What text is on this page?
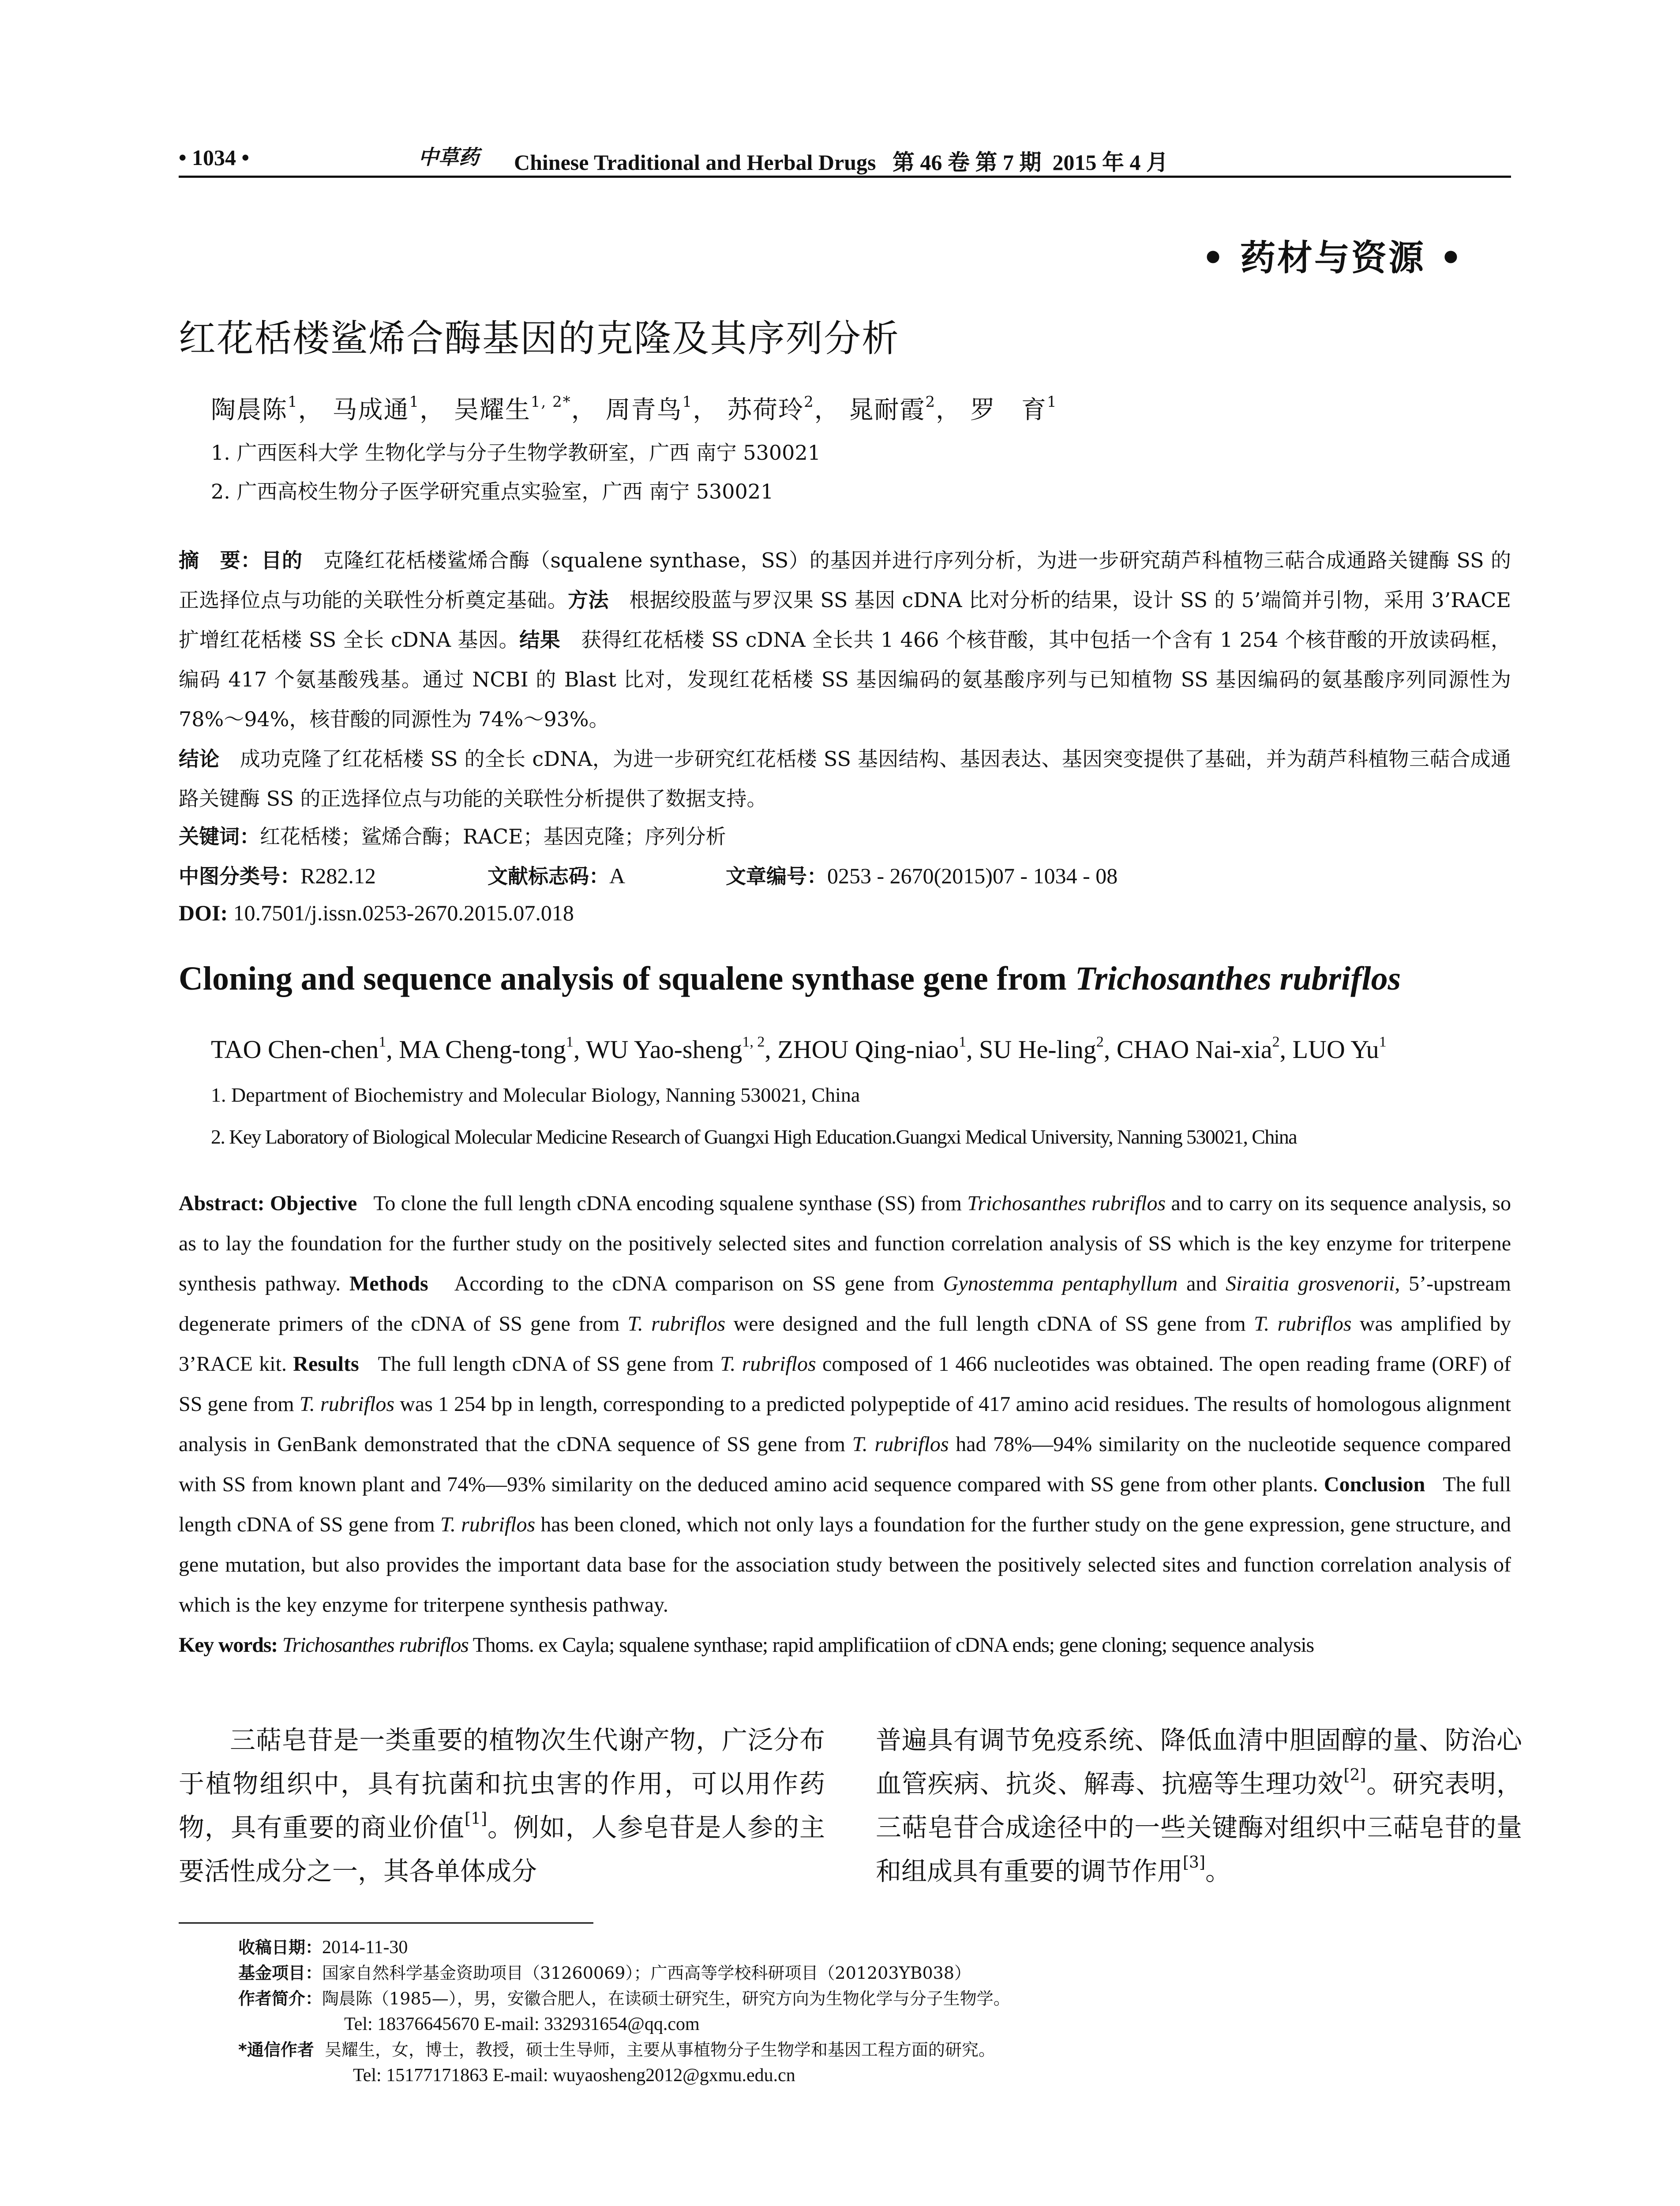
• 1034 •	中草药 Chinese Traditional and Herbal Drugs   第 46 卷 第 7 期  2015 年 4 月
• 药材与资源 •
红花栝楼鲨烯合酶基因的克隆及其序列分析
陶晨陈$^1$， 马成通$^1$， 吴耀生$^{1, 2*}$， 周青鸟$^1$， 苏荷玲$^2$， 晁耐霞$^2$， 罗　育$^1$
1. 广西医科大学 生物化学与分子生物学教研室，广西 南宁 530021
2. 广西高校生物分子医学研究重点实验室，广西 南宁 530021
摘　要：目的　 克隆红花栝楼鲨烯合酶（squalene synthase，SS）的基因并进行序列分析，为进一步研究葫芦科植物三萜合成通路关键酶 SS 的正选择位点与功能的关联性分析奠定基础。方法　 根据绞股蓝与罗汉果 SS 基因 cDNA 比对分析的结果，设计 SS 的 5’端简并引物，采用 3’RACE 扩增红花栝楼 SS 全长 cDNA 基因。结果　 获得红花栝楼 SS cDNA 全长共 1 466 个核苷酸，其中包括一个含有 1 254 个核苷酸的开放读码框，编码 417 个氨基酸残基。通过 NCBI 的 Blast 比对，发现红花栝楼 SS 基因编码的氨基酸序列与已知植物 SS 基因编码的氨基酸序列同源性为 78%～94%，核苷酸的同源性为 74%～93%。
结论　 成功克隆了红花栝楼 SS 的全长 cDNA，为进一步研究红花栝楼 SS 基因结构、基因表达、基因突变提供了基础，并为葫芦科植物三萜合成通路关键酶 SS 的正选择位点与功能的关联性分析提供了数据支持。
关键词：红花栝楼；鲨烯合酶；RACE；基因克隆；序列分析
中图分类号：R282.12	文献标志码：A	文章编号：0253 - 2670(2015)07 - 1034 - 08
DOI: 10.7501/j.issn.0253-2670.2015.07.018
Cloning and sequence analysis of squalene synthase gene from Trichosanthes rubriflos
TAO Chen-chen$^1$, MA Cheng-tong$^1$, WU Yao-sheng$^{1, 2}$, ZHOU Qing-niao$^1$, SU He-ling$^2$, CHAO Nai-xia$^2$, LUO Yu$^1$
1. Department of Biochemistry and Molecular Biology, Nanning 530021, China
2. Key Laboratory of Biological Molecular Medicine Research of Guangxi High Education.Guangxi Medical University, Nanning 530021, China
Abstract: Objective To clone the full length cDNA encoding squalene synthase (SS) from Trichosanthes rubriflos and to carry on its sequence analysis, so as to lay the foundation for the further study on the positively selected sites and function correlation analysis of SS which is the key enzyme for triterpene synthesis pathway. Methods According to the cDNA comparison on SS gene from Gynostemma pentaphyllum and Siraitia grosvenorii, 5’-upstream degenerate primers of the cDNA of SS gene from T. rubriflos were designed and the full length cDNA of SS gene from T. rubriflos was amplified by 3’RACE kit. Results The full length cDNA of SS gene from T. rubriflos composed of 1 466 nucleotides was obtained. The open reading frame (ORF) of SS gene from T. rubriflos was 1 254 bp in length, corresponding to a predicted polypeptide of 417 amino acid residues. The results of homologous alignment analysis in GenBank demonstrated that the cDNA sequence of SS gene from T. rubriflos had 78%—94% similarity on the nucleotide sequence compared with SS from known plant and 74%—93% similarity on the deduced amino acid sequence compared with SS gene from other plants. Conclusion The full length cDNA of SS gene from T. rubriflos has been cloned, which not only lays a foundation for the further study on the gene expression, gene structure, and gene mutation, but also provides the important data base for the association study between the positively selected sites and function correlation analysis of which is the key enzyme for triterpene synthesis pathway.
Key words: Trichosanthes rubriflos Thoms. ex Cayla; squalene synthase; rapid amplificatiion of cDNA ends; gene cloning; sequence analysis
三萜皂苷是一类重要的植物次生代谢产物，广泛分布于植物组织中，具有抗菌和抗虫害的作用，可以用作药物，具有重要的商业价值[1]。例如，人参皂苷是人参的主要活性成分之一，其各单体成分
普遍具有调节免疫系统、降低血清中胆固醇的量、防治心血管疾病、抗炎、解毒、抗癌等生理功效[2]。研究表明，三萜皂苷合成途径中的一些关键酶对组织中三萜皂苷的量和组成具有重要的调节作用[3]。
收稿日期：2014-11-30
基金项目：国家自然科学基金资助项目（31260069）；广西高等学校科研项目（201203YB038）
作者简介：陶晨陈（1985—），男，安徽合肥人，在读硕士研究生，研究方向为生物化学与分子生物学。
Tel: 18376645670 E-mail: 332931654@qq.com
*通信作者 吴耀生，女，博士，教授，硕士生导师，主要从事植物分子生物学和基因工程方面的研究。
Tel: 15177171863 E-mail: wuyaosheng2012@gxmu.edu.cn
